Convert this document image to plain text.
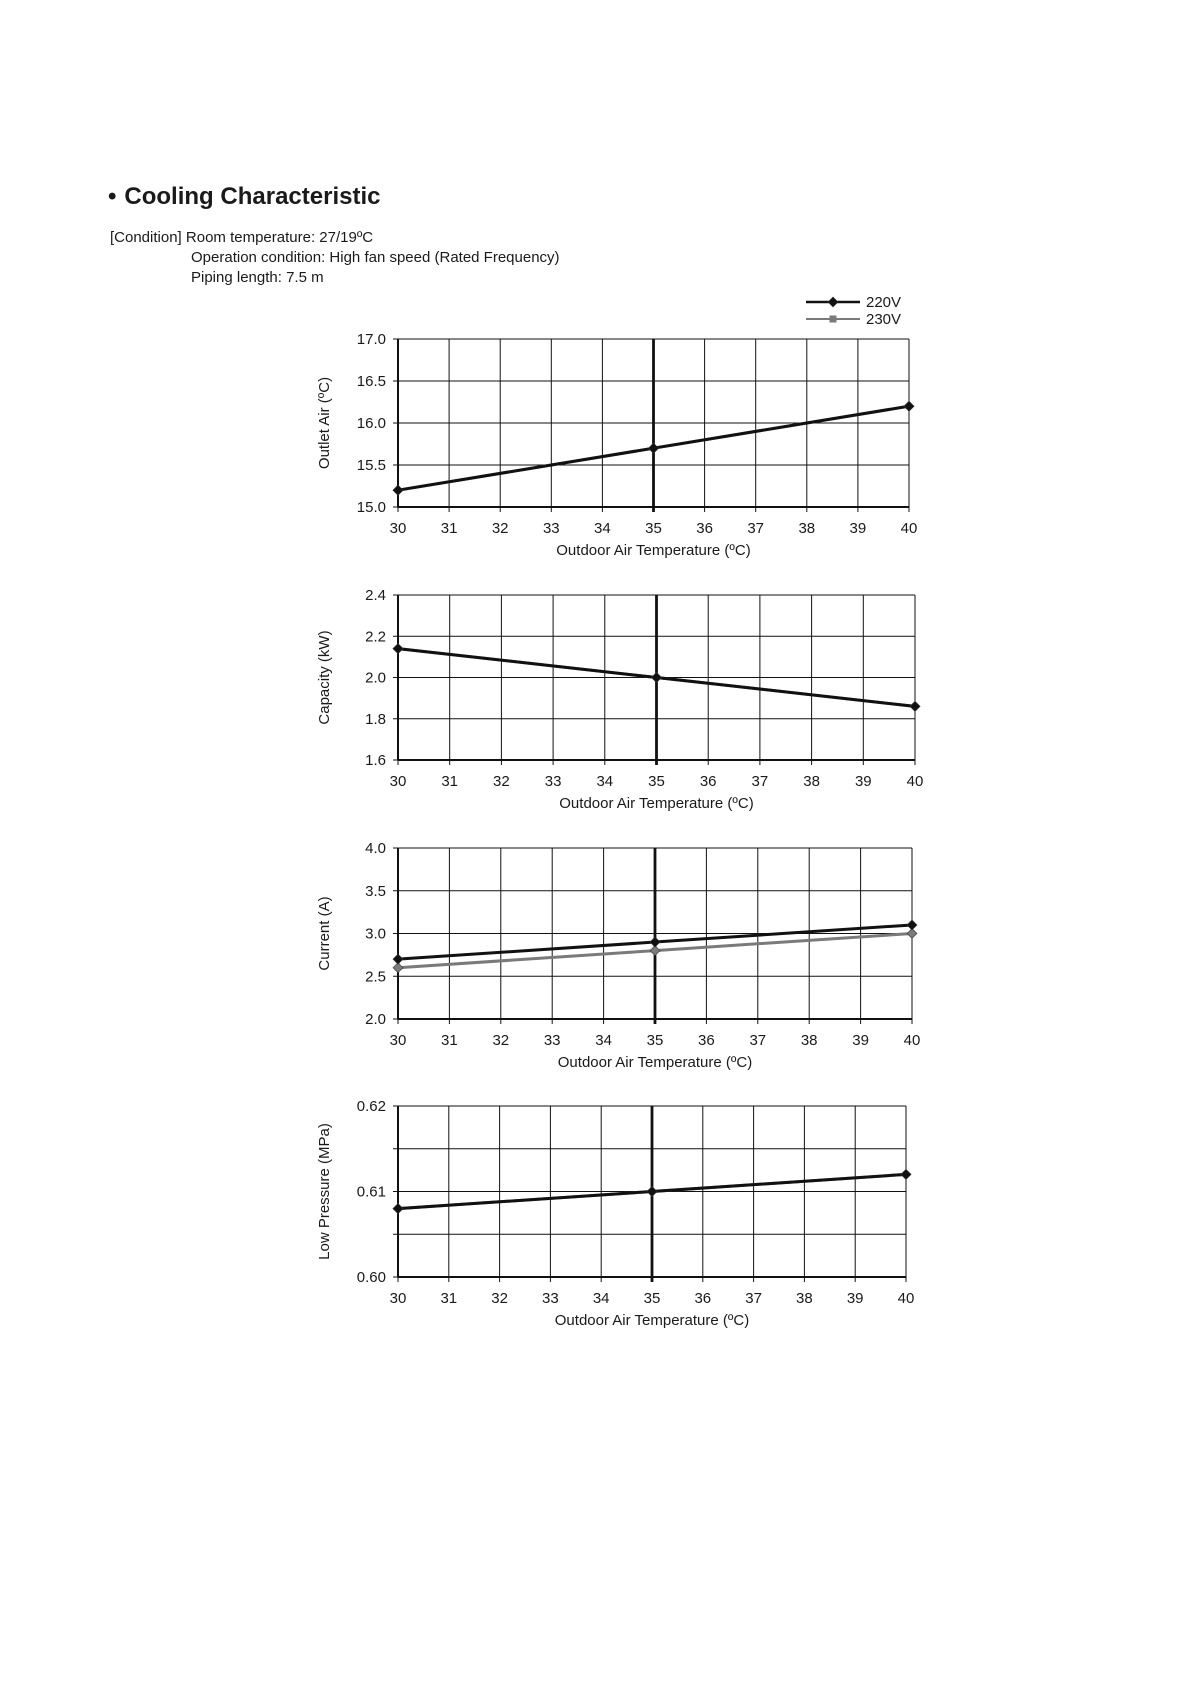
• Cooling Characteristic
[Condition] Room temperature: 27/19ºC
Operation condition: High fan speed (Rated Frequency)
Piping length: 7.5 m
220V
230V
30 31 32 33 34 35 36 37 38 39 40
15.0
15.5
16.0
16.5
17.0
Outdoor Air Temperature (ºC)
Outlet Air (ºC)
30 31 32 33 34 35 36 37 38 39 40
1.6
1.8
2.0
2.2
2.4
Outdoor Air Temperature (ºC)
Capacity (kW)
30 31 32 33 34 35 36 37 38 39 40
2.0
2.5
3.0
3.5
4.0
Outdoor Air Temperature (ºC)
Current (A)
30 31 32 33 34 35 36 37 38 39 40
0.60
0.61
0.62
Outdoor Air Temperature (ºC)
Low Pressure (MPa)
